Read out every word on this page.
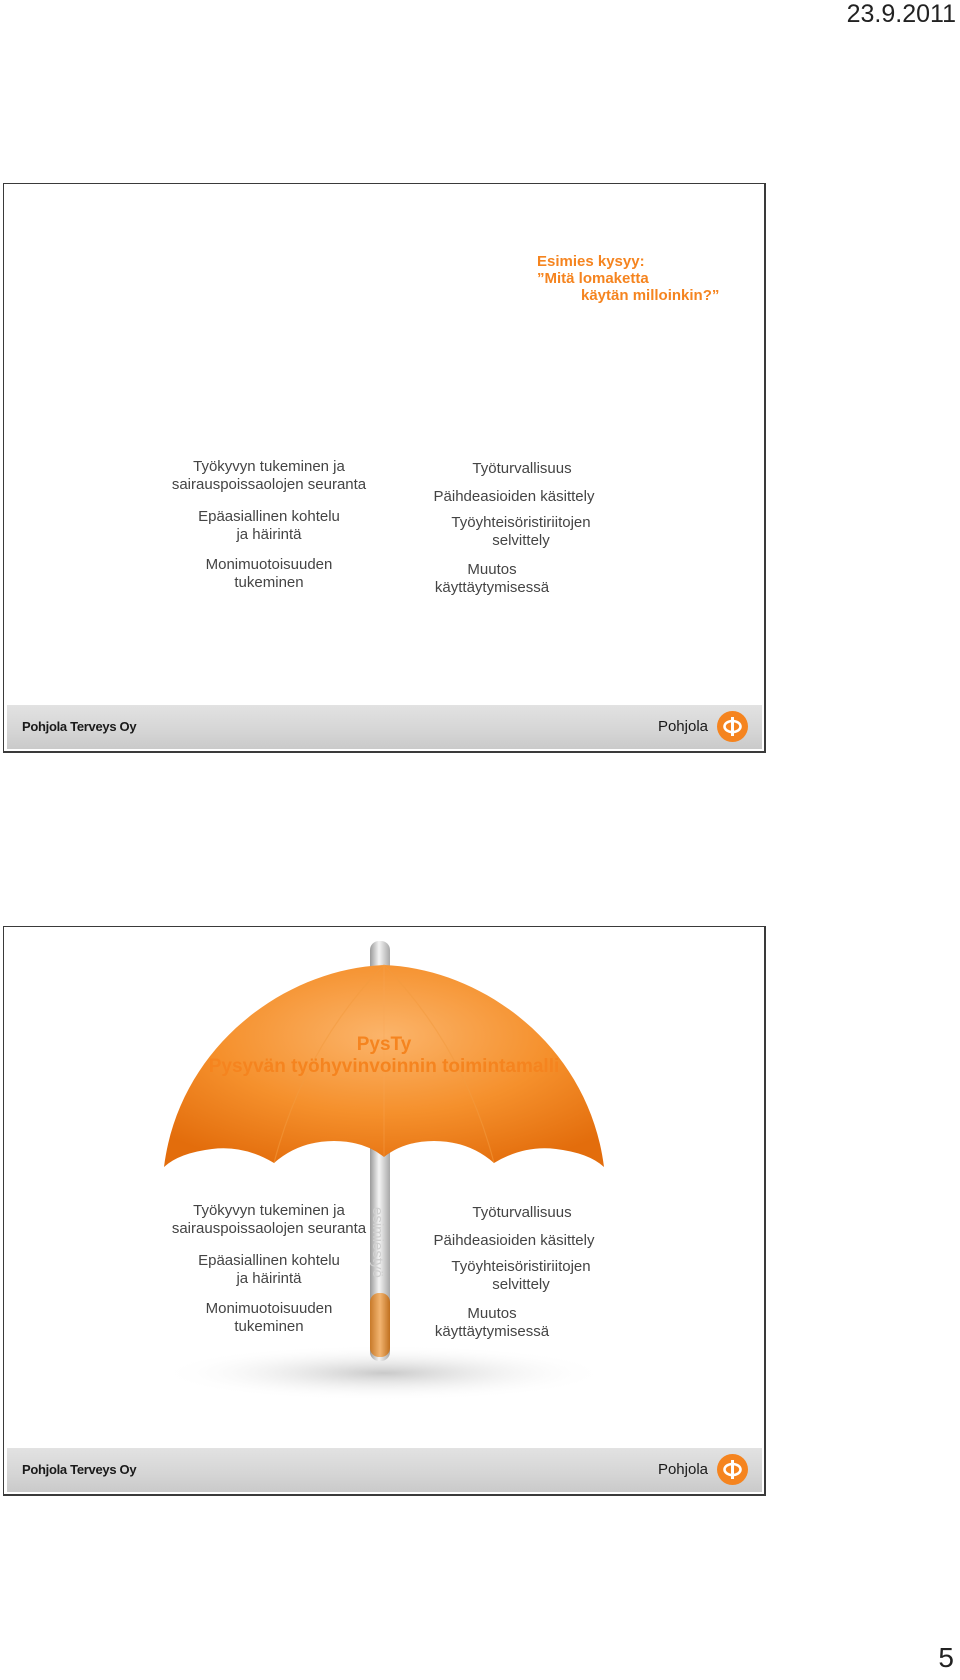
23.9.2011
Esimies kysyy:
”Mitä lomaketta
käytän milloinkin?”
Työkyvyn tukeminen ja
sairauspoissaolojen seuranta
Epäasiallinen kohtelu
ja häirintä
Monimuotoisuuden
tukeminen
Työturvallisuus
Päihdeasioiden käsittely
Työyhteisöristiriitojen
selvittely
Muutos
käyttäytymisessä
Pohjola Terveys Oy	Pohjola
PysTy
Pysyvän työhyvinvoinnin toimintamalli
esimiestyö
Työkyvyn tukeminen ja
sairauspoissaolojen seuranta
Epäasiallinen kohtelu
ja häirintä
Monimuotoisuuden
tukeminen
Työturvallisuus
Päihdeasioiden käsittely
Työyhteisöristiriitojen
selvittely
Muutos
käyttäytymisessä
Pohjola Terveys Oy	Pohjola
5
